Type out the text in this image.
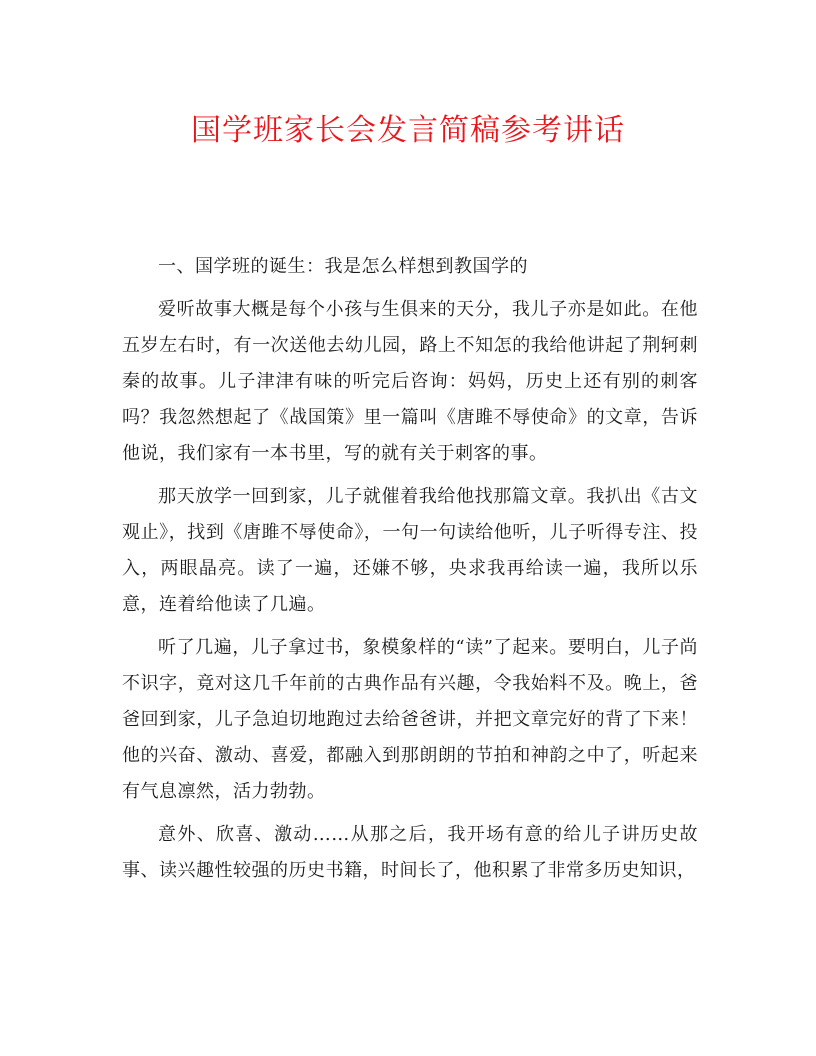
国学班家长会发言简稿参考讲话

一、国学班的诞生：我是怎么样想到教国学的

爱听故事大概是每个小孩与生俱来的天分，我儿子亦是如此。在他五岁左右时，有一次送他去幼儿园，路上不知怎的我给他讲起了荆轲刺秦的故事。儿子津津有味的听完后咨询：妈妈，历史上还有别的刺客吗？我忽然想起了《战国策》里一篇叫《唐雎不辱使命》的文章，告诉他说，我们家有一本书里，写的就有关于刺客的事。

那天放学一回到家，儿子就催着我给他找那篇文章。我扒出《古文观止》，找到《唐雎不辱使命》，一句一句读给他听，儿子听得专注、投入，两眼晶亮。读了一遍，还嫌不够，央求我再给读一遍，我所以乐意，连着给他读了几遍。

听了几遍，儿子拿过书，象模象样的“读”了起来。要明白，儿子尚不识字，竟对这几千年前的古典作品有兴趣，令我始料不及。晚上，爸爸回到家，儿子急迫切地跑过去给爸爸讲，并把文章完好的背了下来！他的兴奋、激动、喜爱，都融入到那朗朗的节拍和神韵之中了，听起来有气息凛然，活力勃勃。

意外、欣喜、激动……从那之后，我开场有意的给儿子讲历史故事、读兴趣性较强的历史书籍，时间长了，他积累了非常多历史知识，
